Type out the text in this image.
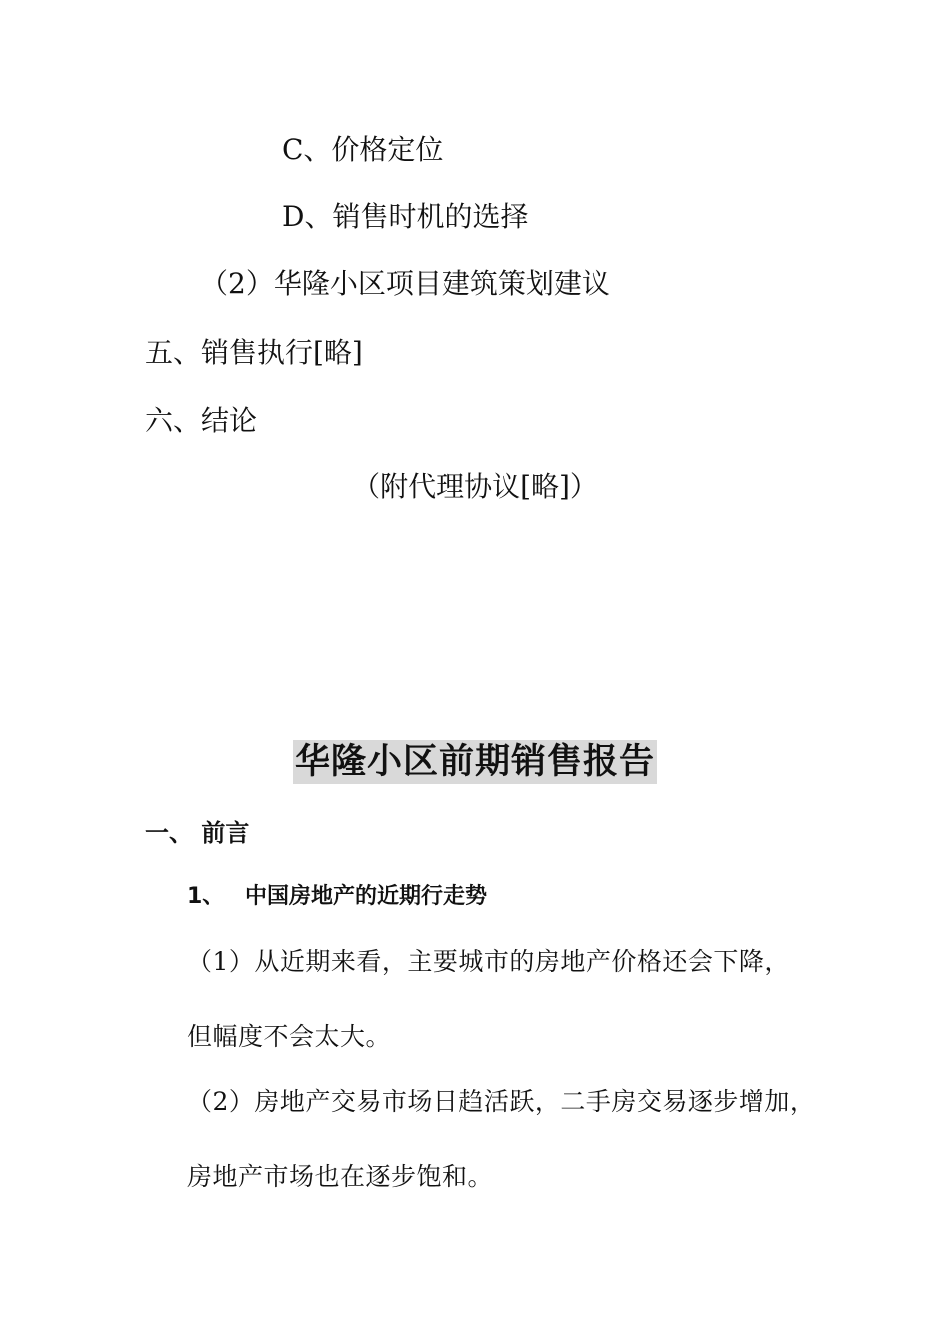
C、价格定位
D、销售时机的选择
（2）华隆小区项目建筑策划建议
五、销售执行[略]
六、结论
（附代理协议[略]）
华隆小区前期销售报告
一、 前言
1、 中国房地产的近期行走势
（1）从近期来看，主要城市的房地产价格还会下降，
但幅度不会太大。
（2）房地产交易市场日趋活跃，二手房交易逐步增加，
房地产市场也在逐步饱和。
